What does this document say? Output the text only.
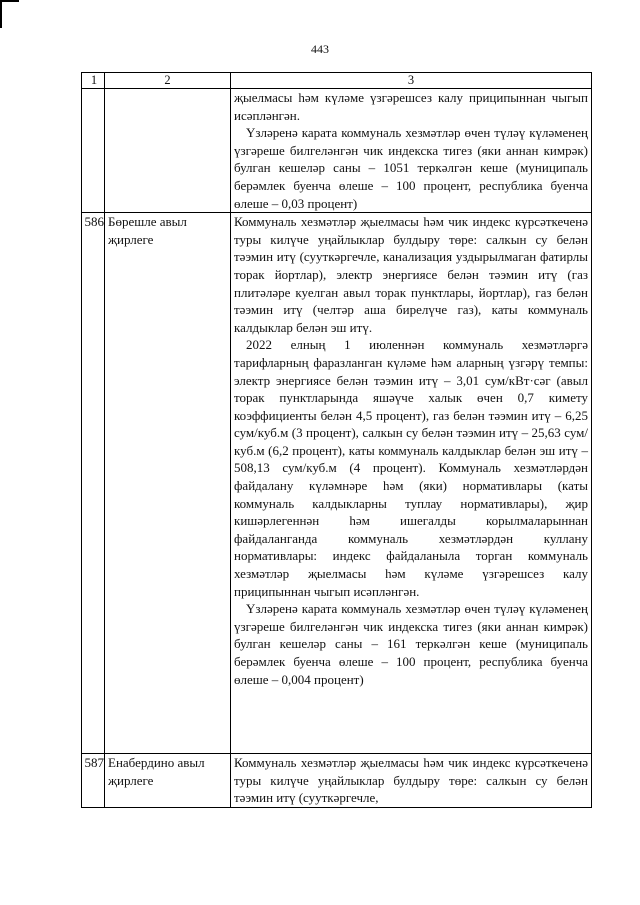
443
1	2	3

		җыелмасы һәм күләме үзгәрешсез калу приципыннан чыгып исәпләнгән.

Үзләренә карата коммуналь хезмәтләр өчен түләү күләменең үзгәреше билгеләнгән чик индекска тигез (яки аннан кимрәк) булган кешеләр саны – 1051 теркәлгән кеше (муниципаль берәмлек буенча өлеше – 100 процент, республика буенча өлеше – 0,03 процент)

586	Бөрешле авыл җирлеге	Коммуналь хезмәтләр җыелмасы һәм чик индекс күрсәткеченә туры килүче уңайлыклар булдыру төре: салкын су белән тәэмин итү (сууткәргечле, канализация уздырылмаган фатирлы торак йортлар), электр энергиясе белән тәэмин итү (газ плитәләре куелган авыл торак пунктлары, йортлар), газ белән тәэмин итү (челтәр аша бирелүче газ), каты коммуналь калдыклар белән эш итү.

2022 елның 1 июленнән коммуналь хезмәтләргә тарифларның фаразланган күләме һәм аларның үзгәрү темпы: электр энергиясе белән тәэмин итү – 3,01 сум/кВт·сәг (авыл торак пунктларында яшәүче халык өчен 0,7 кимету коэффициенты белән 4,5 процент), газ белән тәэмин итү – 6,25 сум/куб.м (3 процент), салкын су белән тәэмин итү – 25,63 сум/куб.м (6,2 процент), каты коммуналь калдыклар белән эш итү – 508,13 сум/куб.м (4 процент). Коммуналь хезмәтләрдән файдалану күләмнәре һәм (яки) нормативлары (каты коммуналь калдыкларны туплау нормативлары), җир кишәрлегеннән һәм ишегалды корылмаларыннан файдаланганда коммуналь хезмәтләрдән куллану нормативлары: индекс файдаланыла торган коммуналь хезмәтләр җыелмасы һәм күләме үзгәрешсез калу приципыннан чыгып исәпләнгән.

Үзләренә карата коммуналь хезмәтләр өчен түләү күләменең үзгәреше билгеләнгән чик индекска тигез (яки аннан кимрәк) булган кешеләр саны – 161 теркәлгән кеше (муниципаль берәмлек буенча өлеше – 100 процент, республика буенча өлеше – 0,004 процент)

587	Енабердино авыл җирлеге	Коммуналь хезмәтләр җыелмасы һәм чик индекс күрсәткеченә туры килүче уңайлыклар булдыру төре: салкын су белән тәэмин итү (сууткәргечле,
